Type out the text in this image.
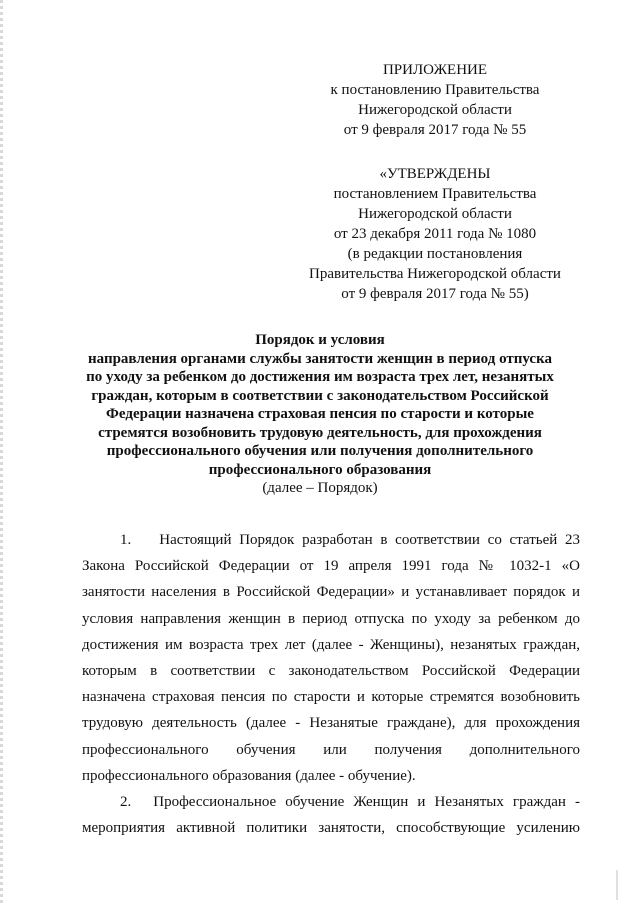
ПРИЛОЖЕНИЕ
к постановлению Правительства
Нижегородской области
от 9 февраля 2017 года № 55
«УТВЕРЖДЕНЫ
постановлением Правительства
Нижегородской области
от 23 декабря 2011 года № 1080
(в редакции постановления
Правительства Нижегородской области
от 9 февраля 2017 года № 55)
Порядок и условия
направления органами службы занятости женщин в период отпуска
по уходу за ребенком до достижения им возраста трех лет, незанятых
граждан, которым в соответствии с законодательством Российской
Федерации назначена страховая пенсия по старости и которые
стремятся возобновить трудовую деятельность, для прохождения
профессионального обучения или получения дополнительного
профессионального образования
(далее – Порядок)
1. Настоящий Порядок разработан в соответствии со статьей 23
Закона Российской Федерации от 19 апреля 1991 года № 1032-1 «О
занятости населения в Российской Федерации» и устанавливает порядок и
условия направления женщин в период отпуска по уходу за ребенком до
достижения им возраста трех лет (далее - Женщины), незанятых граждан,
которым в соответствии с законодательством Российской Федерации
назначена страховая пенсия по старости и которые стремятся возобновить
трудовую деятельность (далее - Незанятые граждане), для прохождения
профессионального обучения или получения дополнительного
профессионального образования (далее - обучение).
2. Профессиональное обучение Женщин и Незанятых граждан -
мероприятия активной политики занятости, способствующие усилению
